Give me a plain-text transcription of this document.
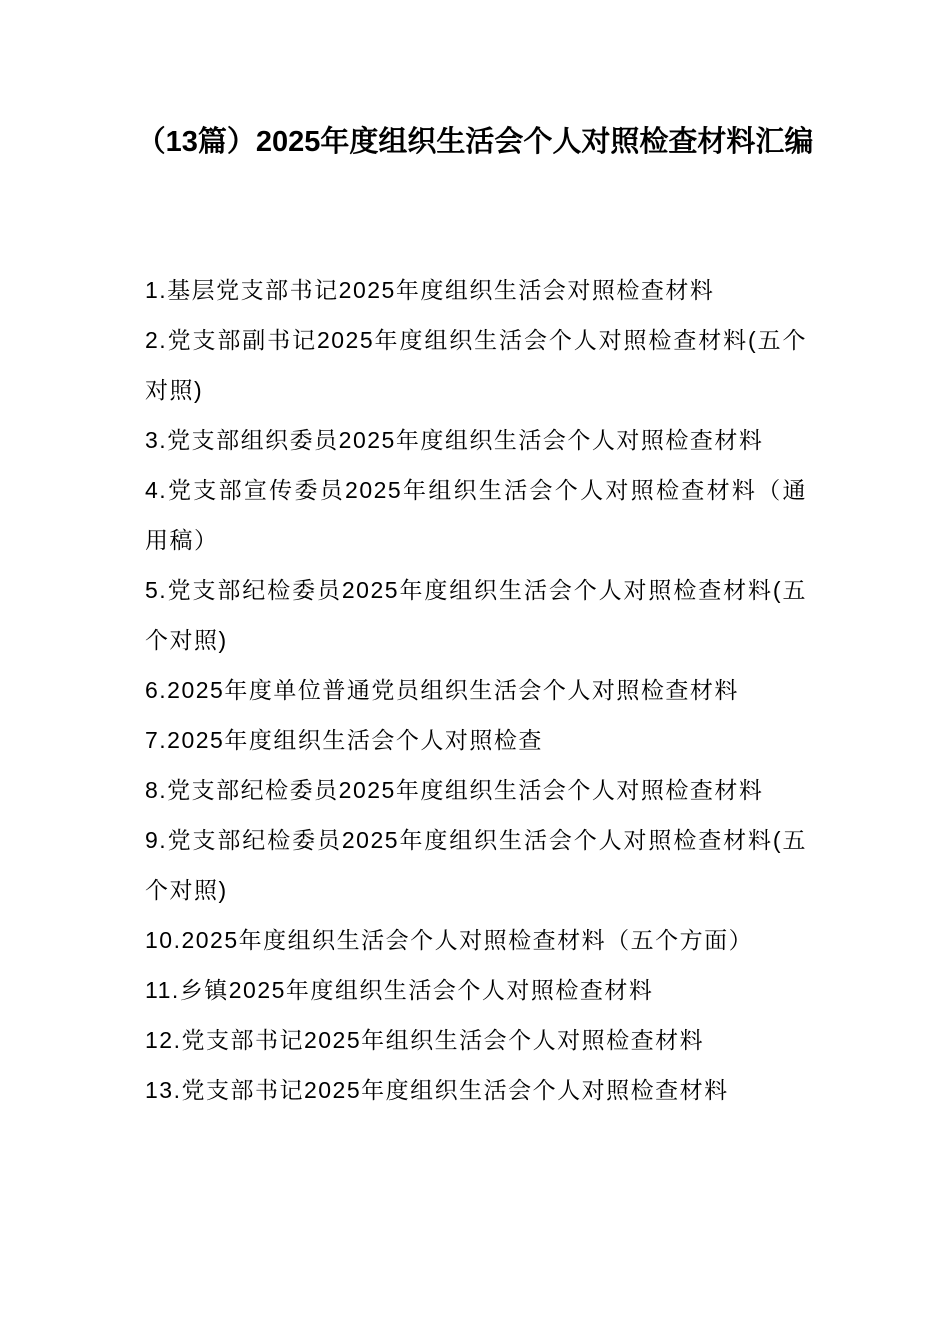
（13篇）2025年度组织生活会个人对照检查材料汇编
1.基层党支部书记2025年度组织生活会对照检查材料
2.党支部副书记2025年度组织生活会个人对照检查材料(五个对照)
3.党支部组织委员2025年度组织生活会个人对照检查材料
4.党支部宣传委员2025年组织生活会个人对照检查材料（通用稿）
5.党支部纪检委员2025年度组织生活会个人对照检查材料(五个对照)
6.2025年度单位普通党员组织生活会个人对照检查材料
7.2025年度组织生活会个人对照检查
8.党支部纪检委员2025年度组织生活会个人对照检查材料
9.党支部纪检委员2025年度组织生活会个人对照检查材料(五个对照)
10.2025年度组织生活会个人对照检查材料（五个方面）
11.乡镇2025年度组织生活会个人对照检查材料
12.党支部书记2025年组织生活会个人对照检查材料
13.党支部书记2025年度组织生活会个人对照检查材料
